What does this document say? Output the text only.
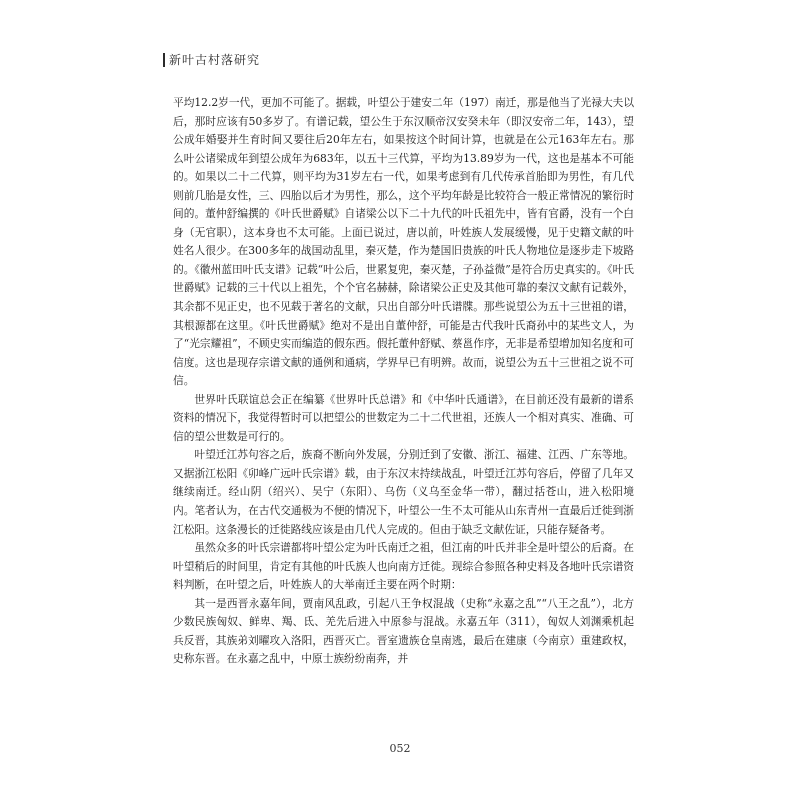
新叶古村落研究

平均12.2岁一代，更加不可能了。据载，叶望公于建安二年（197）南迁，那是他当了光禄大夫以后，那时应该有50多岁了。有谱记载，望公生于东汉顺帝汉安癸未年（即汉安帝二年，143），望公成年婚娶并生育时间又要往后20年左右，如果按这个时间计算，也就是在公元163年左右。那么叶公诸梁成年到望公成年为683年，以五十三代算，平均为13.89岁为一代，这也是基本不可能的。如果以二十二代算，则平均为31岁左右一代，如果考虑到有几代传承首胎即为男性，有几代则前几胎是女性，三、四胎以后才为男性，那么，这个平均年龄是比较符合一般正常情况的繁衍时间的。董仲舒编撰的《叶氏世爵赋》自诸梁公以下二十九代的叶氏祖先中，皆有官爵，没有一个白身（无官职），这本身也不太可能。上面已说过，唐以前，叶姓族人发展缓慢，见于史籍文献的叶姓名人很少。在300多年的战国动乱里，秦灭楚，作为楚国旧贵族的叶氏人物地位是逐步走下坡路的。《徽州蓝田叶氏支谱》记载“叶公后，世累复兜，秦灭楚，子孙益微”是符合历史真实的。《叶氏世爵赋》记载的三十代以上祖先，个个官名赫赫，除诸梁公正史及其他可靠的秦汉文献有记载外，其余都不见正史，也不见载于著名的文献，只出自部分叶氏谱牒。那些说望公为五十三世祖的谱，其根源都在这里。《叶氏世爵赋》绝对不是出自董仲舒，可能是古代我叶氏裔孙中的某些文人，为了“光宗耀祖”，不顾史实而编造的假东西。假托董仲舒赋、蔡邕作序，无非是希望增加知名度和可信度。这也是现存宗谱文献的通例和通病，学界早已有明辨。故而，说望公为五十三世祖之说不可信。

世界叶氏联谊总会正在编纂《世界叶氏总谱》和《中华叶氏通谱》，在目前还没有最新的谱系资料的情况下，我觉得暂时可以把望公的世数定为二十二代世祖，还族人一个相对真实、准确、可信的望公世数是可行的。

叶望迁江苏句容之后，族裔不断向外发展，分别迁到了安徽、浙江、福建、江西、广东等地。又据浙江松阳《卯峰广远叶氏宗谱》载，由于东汉末持续战乱，叶望迁江苏句容后，停留了几年又继续南迁。经山阴（绍兴）、吴宁（东阳）、乌伤（义乌至金华一带），翻过括苍山，进入松阳境内。笔者认为，在古代交通极为不便的情况下，叶望公一生不太可能从山东青州一直最后迁徙到浙江松阳。这条漫长的迁徙路线应该是由几代人完成的。但由于缺乏文献佐证，只能存疑备考。

虽然众多的叶氏宗谱都将叶望公定为叶氏南迁之祖，但江南的叶氏并非全是叶望公的后裔。在叶望稍后的时间里，肯定有其他的叶氏族人也向南方迁徙。现综合参照各种史料及各地叶氏宗谱资料判断，在叶望之后，叶姓族人的大举南迁主要在两个时期：

其一是西晋永嘉年间，贾南风乱政，引起八王争权混战（史称“永嘉之乱”“八王之乱”），北方少数民族匈奴、鲜卑、羯、氐、羌先后进入中原参与混战。永嘉五年（311），匈奴人刘渊乘机起兵反晋，其族弟刘曜攻入洛阳，西晋灭亡。晋室遗族仓皇南逃，最后在建康（今南京）重建政权，史称东晋。在永嘉之乱中，中原士族纷纷南奔，并

052
